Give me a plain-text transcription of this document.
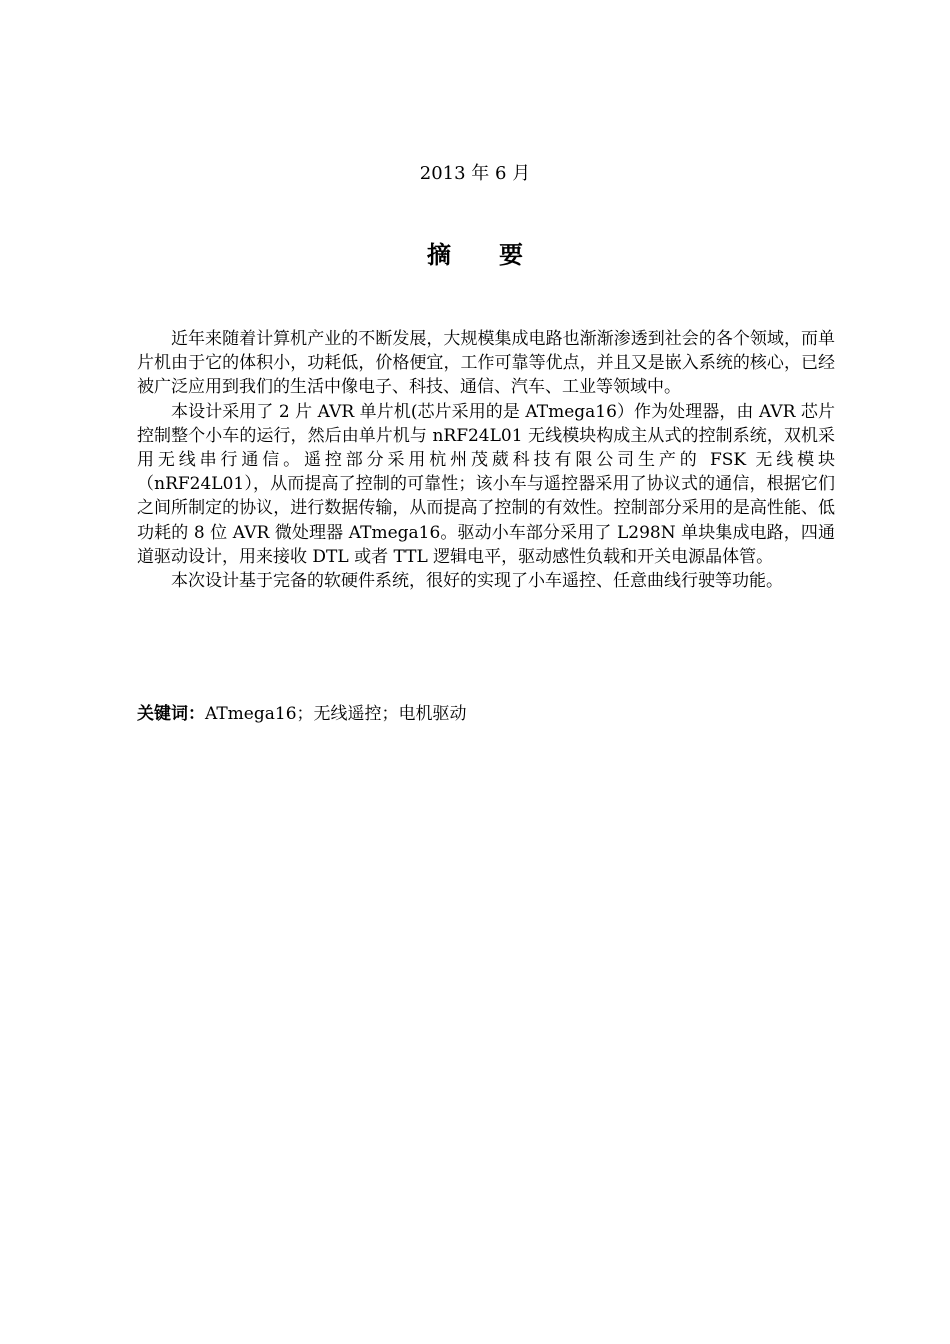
2013 年 6 月
摘要

近年来随着计算机产业的不断发展，大规模集成电路也渐渐渗透到社会的各个领域，而单片机由于它的体积小，功耗低，价格便宜，工作可靠等优点，并且又是嵌入系统的核心，已经被广泛应用到我们的生活中像电子、科技、通信、汽车、工业等领域中。

本设计采用了 2 片 AVR 单片机(芯片采用的是 ATmega16）作为处理器，由 AVR 芯片控制整个小车的运行，然后由单片机与 nRF24L01 无线模块构成主从式的控制系统，双机采用无线串行通信。遥控部分采用杭州茂葳科技有限公司生产的 FSK 无线模块（nRF24L01），从而提高了控制的可靠性；该小车与遥控器采用了协议式的通信，根据它们之间所制定的协议，进行数据传输，从而提高了控制的有效性。控制部分采用的是高性能、低功耗的 8 位 AVR 微处理器 ATmega16。驱动小车部分采用了 L298N 单块集成电路，四通道驱动设计，用来接收 DTL 或者 TTL 逻辑电平，驱动感性负载和开关电源晶体管。

本次设计基于完备的软硬件系统，很好的实现了小车遥控、任意曲线行驶等功能。

关键词：ATmega16；无线遥控；电机驱动
